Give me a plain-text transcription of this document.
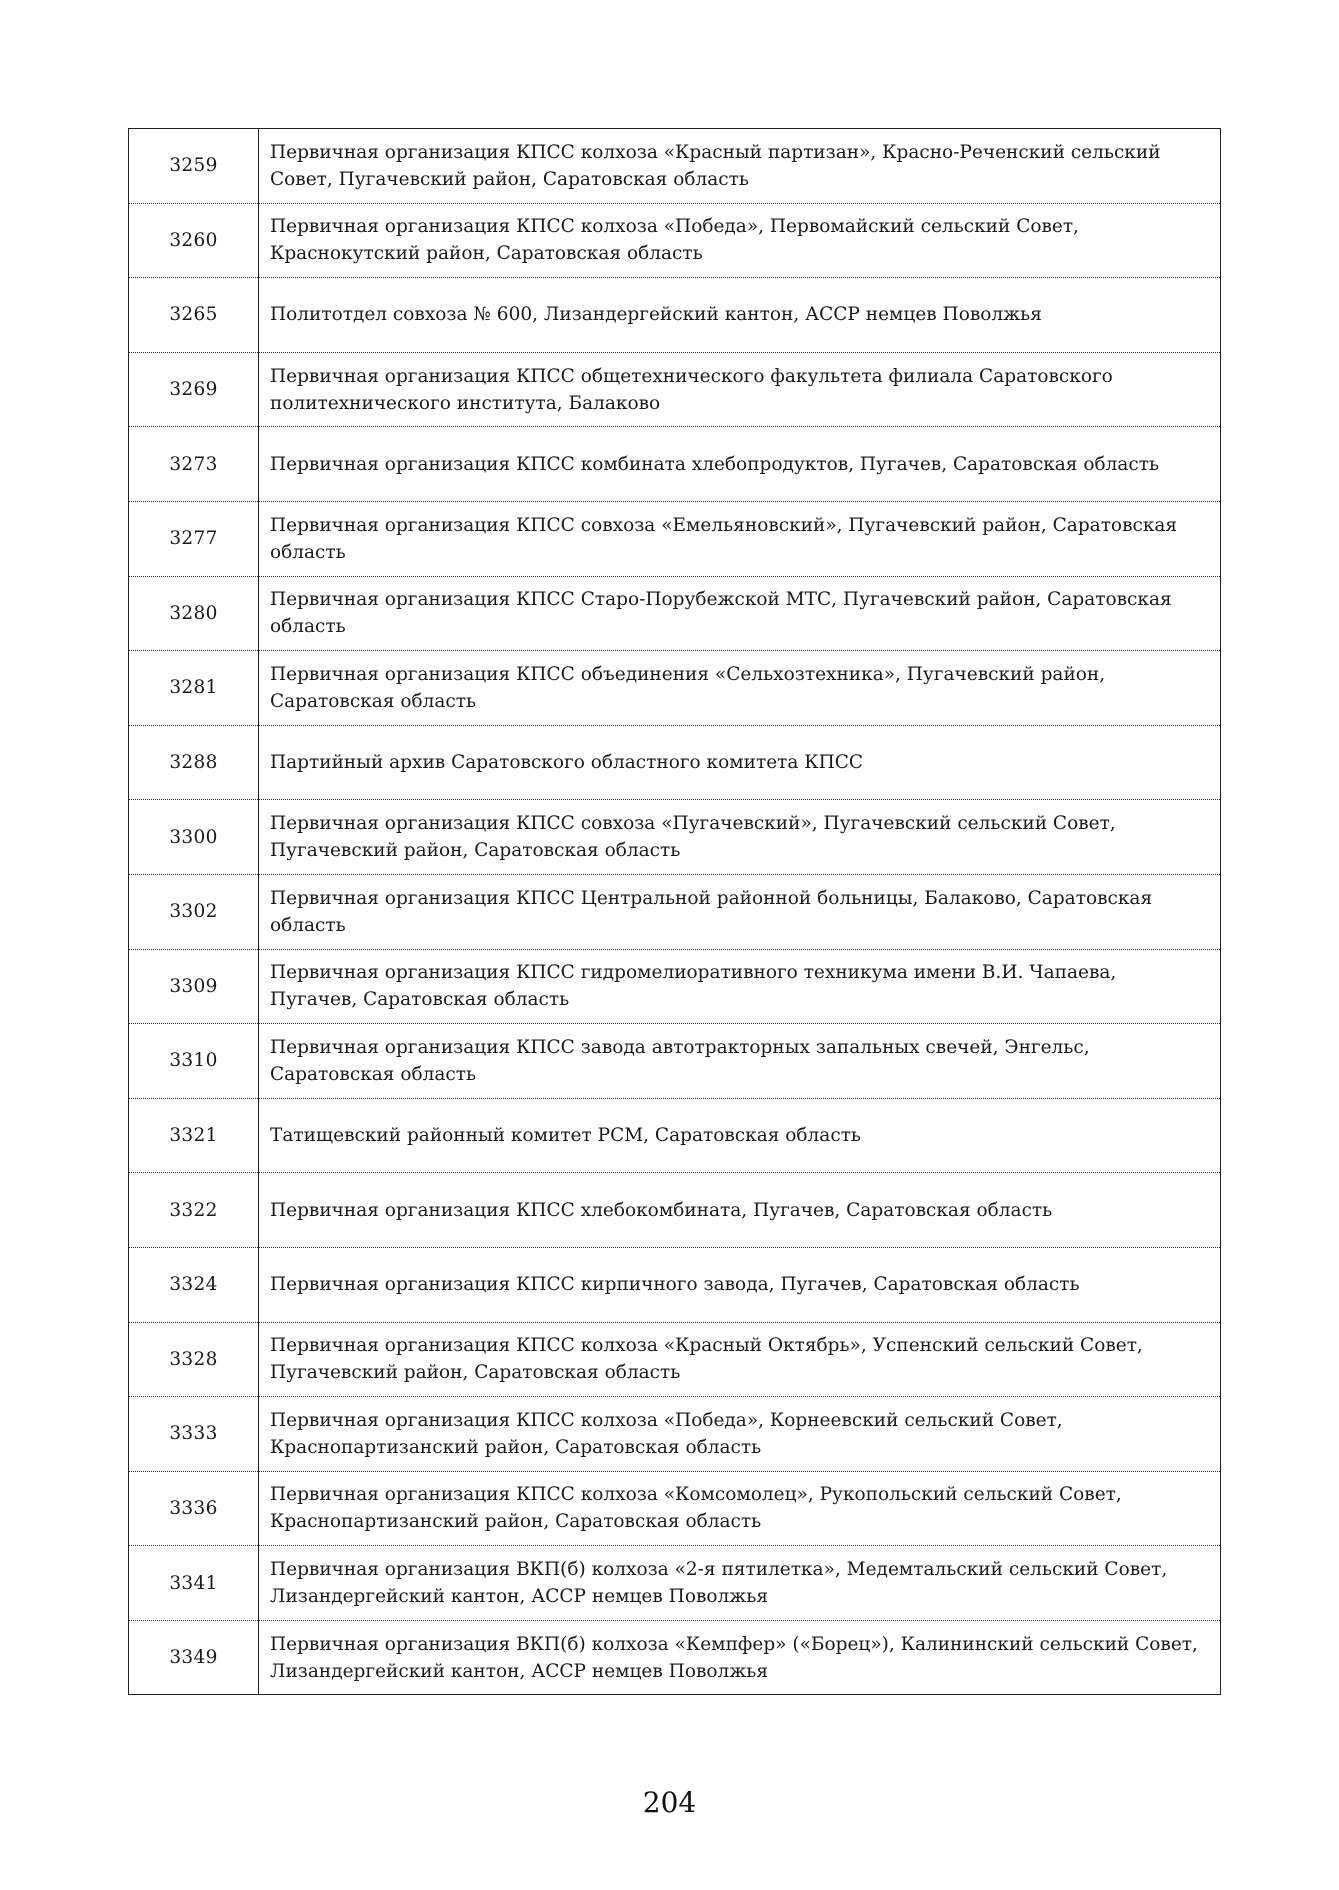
3259	Первичная организация КПСС колхоза «Красный партизан», Красно-Реченский сельский Совет, Пугачевский район, Саратовская область
3260	Первичная организация КПСС колхоза «Победа», Первомайский сельский Совет, Краснокутский район, Саратовская область
3265	Политотдел совхоза № 600, Лизандергейский кантон, АССР немцев Поволжья
3269	Первичная организация КПСС общетехнического факультета филиала Саратовского политехнического института, Балаково
3273	Первичная организация КПСС комбината хлебопродуктов, Пугачев, Саратовская область
3277	Первичная организация КПСС совхоза «Емельяновский», Пугачевский район, Саратовская область
3280	Первичная организация КПСС Старо-Порубежской МТС, Пугачевский район, Саратовская область
3281	Первичная организация КПСС объединения «Сельхозтехника», Пугачевский район, Саратовская область
3288	Партийный архив Саратовского областного комитета КПСС
3300	Первичная организация КПСС совхоза «Пугачевский», Пугачевский сельский Совет, Пугачевский район, Саратовская область
3302	Первичная организация КПСС Центральной районной больницы, Балаково, Саратовская область
3309	Первичная организация КПСС гидромелиоративного техникума имени В.И. Чапаева, Пугачев, Саратовская область
3310	Первичная организация КПСС завода автотракторных запальных свечей, Энгельс, Саратовская область
3321	Татищевский районный комитет РСМ, Саратовская область
3322	Первичная организация КПСС хлебокомбината, Пугачев, Саратовская область
3324	Первичная организация КПСС кирпичного завода, Пугачев, Саратовская область
3328	Первичная организация КПСС колхоза «Красный Октябрь», Успенский сельский Совет, Пугачевский район, Саратовская область
3333	Первичная организация КПСС колхоза «Победа», Корнеевский сельский Совет, Краснопартизанский район, Саратовская область
3336	Первичная организация КПСС колхоза «Комсомолец», Рукопольский сельский Совет, Краснопартизанский район, Саратовская область
3341	Первичная организация ВКП(б) колхоза «2-я пятилетка», Медемтальский сельский Совет, Лизандергейский кантон, АССР немцев Поволжья
3349	Первичная организация ВКП(б) колхоза «Кемпфер» («Борец»), Калининский сельский Совет, Лизандергейский кантон, АССР немцев Поволжья
204
